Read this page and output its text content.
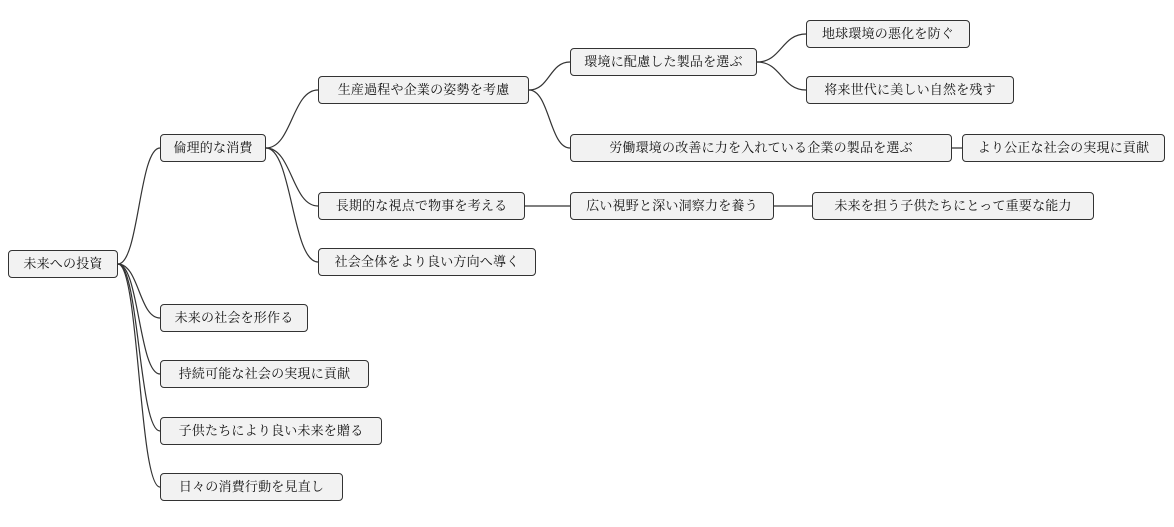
未来への投資
倫理的な消費
未来の社会を形作る
持続可能な社会の実現に貢献
子供たちにより良い未来を贈る
日々の消費行動を見直し
生産過程や企業の姿勢を考慮
長期的な視点で物事を考える
社会全体をより良い方向へ導く
環境に配慮した製品を選ぶ
労働環境の改善に力を入れている企業の製品を選ぶ
地球環境の悪化を防ぐ
将来世代に美しい自然を残す
より公正な社会の実現に貢献
広い視野と深い洞察力を養う	未来を担う子供たちにとって重要な能力
